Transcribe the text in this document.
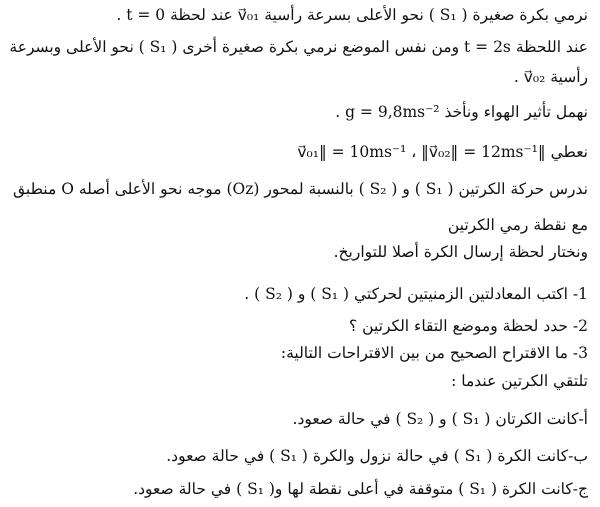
نرمي بكرة صغيرة ( S₁ ) نحو الأعلى بسرعة رأسية v⃗₀₁ عند لحظة t = 0 .
عند اللحظة t = 2s ومن نفس الموضع نرمي بكرة صغيرة أخرى ( S₁ ) نحو الأعلى وبسرعة
رأسية v⃗₀₂ .
نهمل تأثير الهواء ونأخذ g = 9,8ms⁻² .
نعطي ‖v⃗₀₁‖ = 10ms⁻¹ ، ‖v⃗₀₂‖ = 12ms⁻¹
ندرس حركة الكرتين ( S₁ ) و ( S₂ ) بالنسبة لمحور (Oz) موجه نحو الأعلى أصله O منطبق
مع نقطة رمي الكرتين
ونختار لحظة إرسال الكرة أصلا للتواريخ.
1- اكتب المعادلتين الزمنيتين لحركتي ( S₁ ) و ( S₂ ) .
2- حدد لحظة وموضع التقاء الكرتين ؟
3- ما الاقتراح الصحيح من بين الاقتراحات التالية:
تلتقي الكرتين عندما :
أ-كانت الكرتان ( S₁ ) و ( S₂ ) في حالة صعود.
ب-كانت الكرة ( S₁ ) في حالة نزول والكرة ( S₁ ) في حالة صعود.
ج-كانت الكرة ( S₁ ) متوقفة في أعلى نقطة لها و( S₁ ) في حالة صعود.
